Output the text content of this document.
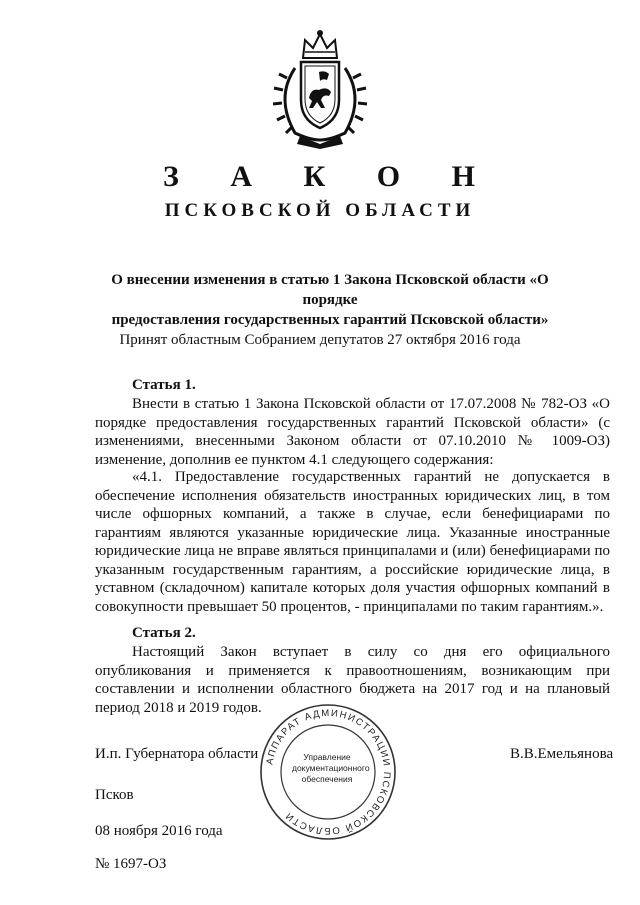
З А К О Н
ПСКОВСКОЙ ОБЛАСТИ
О внесении изменения в статью 1 Закона Псковской области «О порядке
предоставления государственных гарантий Псковской области»
Принят областным Собранием депутатов 27 октября 2016 года
Статья 1.

Внести в статью 1 Закона Псковской области от 17.07.2008 № 782-ОЗ «О порядке предоставления государственных гарантий Псковской области» (с изменениями, внесенными Законом области от 07.10.2010 № 1009-ОЗ) изменение, дополнив ее пунктом 4.1 следующего содержания:

«4.1. Предоставление государственных гарантий не допускается в обеспечение исполнения обязательств иностранных юридических лиц, в том числе офшорных компаний, а также в случае, если бенефициарами по гарантиям являются указанные юридические лица. Указанные иностранные юридические лица не вправе являться принципалами и (или) бенефициарами по указанным государственным гарантиям, а российские юридические лица, в уставном (складочном) капитале которых доля участия офшорных компаний в совокупности превышает 50 процентов, - принципалами по таким гарантиям.».

Статья 2.

Настоящий Закон вступает в силу со дня его официального опубликования и применяется к правоотношениям, возникающим при составлении и исполнении областного бюджета на 2017 год и на плановый период 2018 и 2019 годов.

АППАРАТ АДМИНИСТРАЦИИ ПСКОВСКОЙ ОБЛАСТИ
Управление
документационного
обеспечения
И.п. Губернатора области	В.В.Емельянова
Псков
08 ноября 2016 года
№ 1697-ОЗ
